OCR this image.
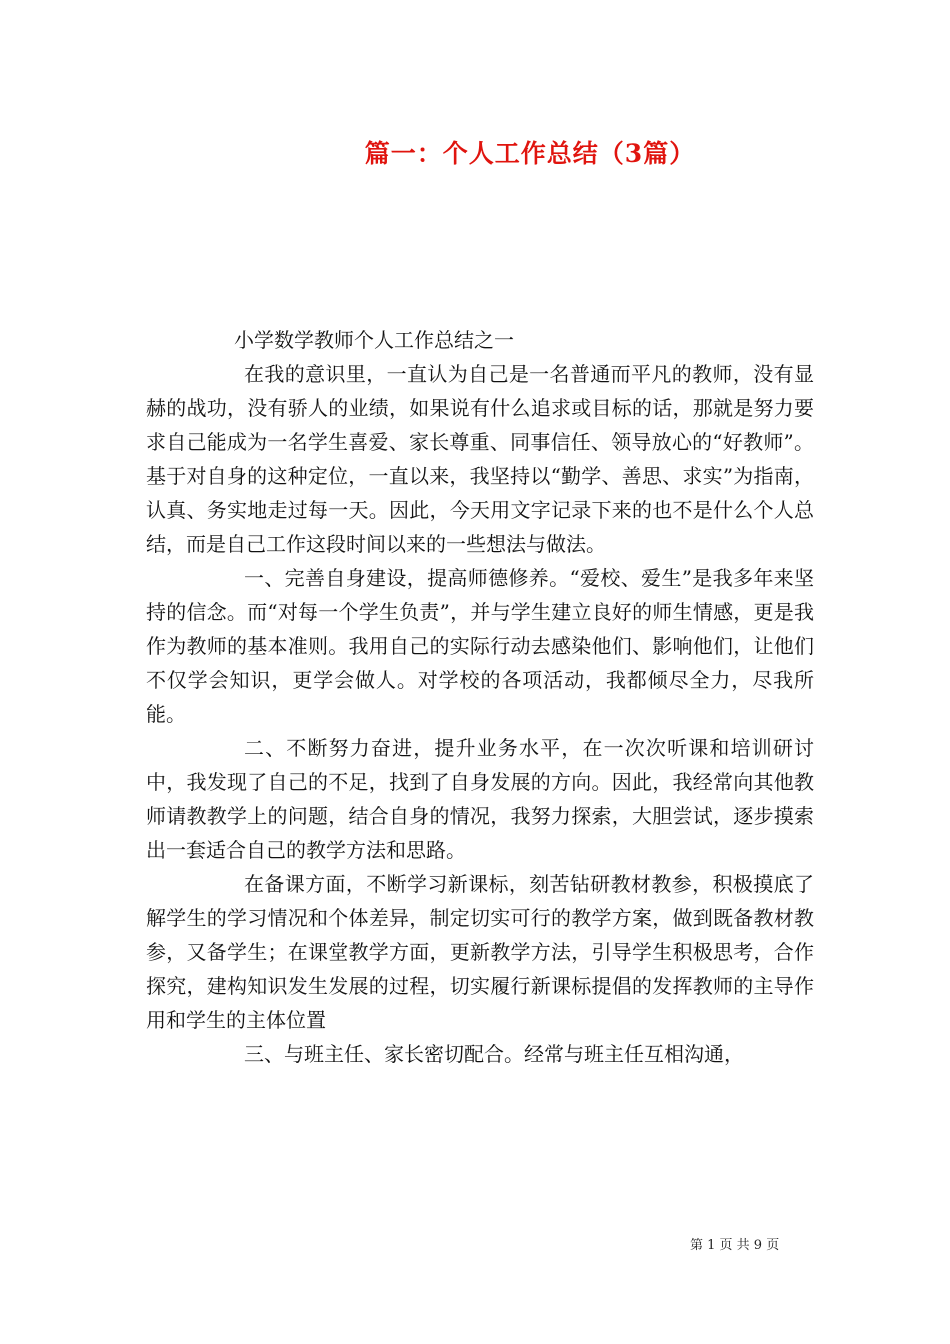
篇一：个人工作总结（3篇）

小学数学教师个人工作总结之一

在我的意识里，一直认为自己是一名普通而平凡的教师，没有显赫的战功，没有骄人的业绩，如果说有什么追求或目标的话，那就是努力要求自己能成为一名学生喜爱、家长尊重、同事信任、领导放心的“好教师”。基于对自身的这种定位，一直以来，我坚持以“勤学、善思、求实”为指南，认真、务实地走过每一天。因此，今天用文字记录下来的也不是什么个人总结，而是自己工作这段时间以来的一些想法与做法。

一、完善自身建设，提高师德修养。“爱校、爱生”是我多年来坚持的信念。而“对每一个学生负责”，并与学生建立良好的师生情感，更是我作为教师的基本准则。我用自己的实际行动去感染他们、影响他们，让他们不仅学会知识，更学会做人。对学校的各项活动，我都倾尽全力，尽我所能。

二、不断努力奋进，提升业务水平，在一次次听课和培训研讨中，我发现了自己的不足，找到了自身发展的方向。因此，我经常向其他教师请教教学上的问题，结合自身的情况，我努力探索，大胆尝试，逐步摸索出一套适合自己的教学方法和思路。

在备课方面，不断学习新课标，刻苦钻研教材教参，积极摸底了解学生的学习情况和个体差异，制定切实可行的教学方案，做到既备教材教参，又备学生；在课堂教学方面，更新教学方法，引导学生积极思考，合作探究，建构知识发生发展的过程，切实履行新课标提倡的发挥教师的主导作用和学生的主体位置

三、与班主任、家长密切配合。经常与班主任互相沟通，

第 1 页 共 9 页
